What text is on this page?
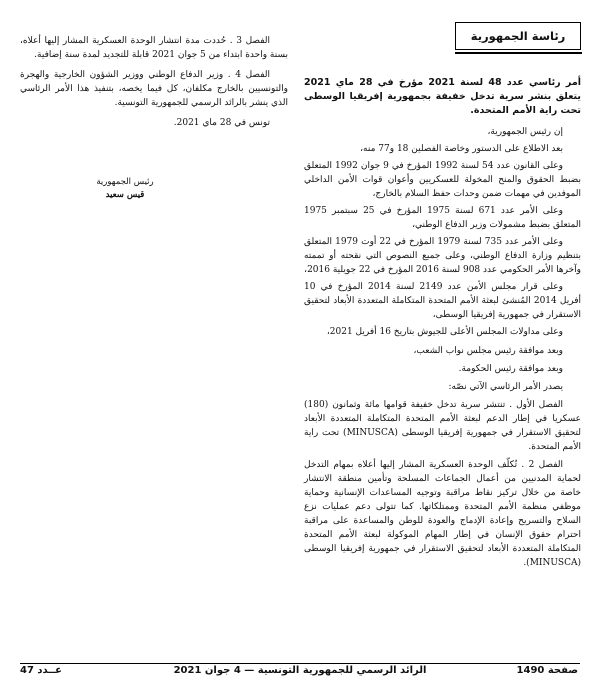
رئاسة الجمهورية
أمر رئاسي عدد 48 لسنة 2021 مؤرخ في 28 ماي 2021 يتعلق بنشر سرية تدخل خفيفة بجمهورية إفريقيا الوسطى تحت راية الأمم المتحدة.

إن رئيس الجمهورية،

بعد الاطلاع على الدستور وخاصة الفصلين 18 و77 منه،

وعلى القانون عدد 54 لسنة 1992 المؤرخ في 9 جوان 1992 المتعلق بضبط الحقوق والمنح المخولة للعسكريين وأعوان قوات الأمن الداخلي الموفدين في مهمات ضمن وحدات حفظ السلام بالخارج،

وعلى الأمر عدد 671 لسنة 1975 المؤرخ في 25 سبتمبر 1975 المتعلق بضبط مشمولات وزير الدفاع الوطني،

وعلى الأمر عدد 735 لسنة 1979 المؤرخ في 22 أوت 1979 المتعلق بتنظيم وزارة الدفاع الوطني، وعلى جميع النصوص التي نقحته أو تممته وآخرها الأمر الحكومي عدد 908 لسنة 2016 المؤرخ في 22 جويلية 2016،

وعلى قرار مجلس الأمن عدد 2149 لسنة 2014 المؤرخ في 10 أفريل 2014 المُنشئ لبعثة الأمم المتحدة المتكاملة المتعددة الأبعاد لتحقيق الاستقرار في جمهورية إفريقيا الوسطى،

وعلى مداولات المجلس الأعلى للجيوش بتاريخ 16 أفريل 2021،

وبعد موافقة رئيس مجلس نواب الشعب،

وبعد موافقة رئيس الحكومة.

يصدر الأمر الرئاسي الآتي نصّه:

الفصل الأول . تنتشر سرية تدخل خفيفة قوامها مائة وثمانون (180) عسكريا في إطار الدعم لبعثة الأمم المتحدة المتكاملة المتعددة الأبعاد لتحقيق الاستقرار في جمهورية إفريقيا الوسطى (MINUSCA) تحت راية الأمم المتحدة.

الفصل 2 . تُكلّف الوحدة العسكرية المشار إليها أعلاه بمهام التدخل لحماية المدنيين من أعمال الجماعات المسلحة وتأمين منطقة الانتشار خاصة من خلال تركيز نقاط مراقبة وتوجيه المساعدات الإنسانية وحماية موظفي منظمة الأمم المتحدة وممتلكاتها. كما تتولى دعم عمليات نزع السلاح والتسريح وإعادة الإدماج والعودة للوطن والمساعدة على مراقبة احترام حقوق الإنسان في إطار المهام الموكولة لبعثة الأمم المتحدة المتكاملة المتعددة الأبعاد لتحقيق الاستقرار في جمهورية إفريقيا الوسطى (MINUSCA).

الفصل 3 . حُددت مدة انتشار الوحدة العسكرية المشار إليها أعلاه، بسنة واحدة ابتداء من 5 جوان 2021 قابلة للتجديد لمدة سنة إضافية.

الفصل 4 . وزير الدفاع الوطني ووزير الشؤون الخارجية والهجرة والتونسيين بالخارج مكلفان، كل فيما يخصه، بتنفيذ هذا الأمر الرئاسي الذي ينشر بالرائد الرسمي للجمهورية التونسية.

تونس في 28 ماي 2021.

رئيس الجمهورية
قيس سعيد
صفحة 1490
الرائد الرسمي للجمهورية التونسية — 4 جوان 2021
عــدد 47
